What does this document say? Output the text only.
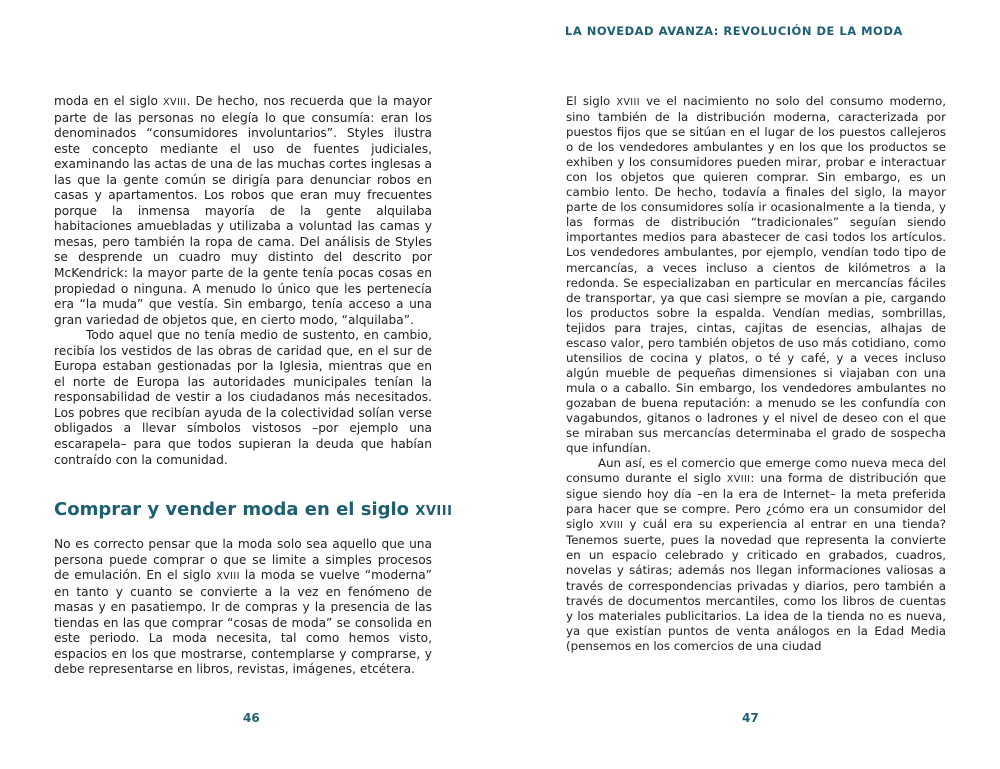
moda en el siglo XVIII. De hecho, nos recuerda que la mayor parte de las personas no elegía lo que consumía: eran los denominados “consumidores involuntarios”. Styles ilustra este concepto mediante el uso de fuentes judiciales, examinando las actas de una de las muchas cortes inglesas a las que la gente común se dirigía para denunciar robos en casas y apartamentos. Los robos que eran muy frecuentes porque la inmensa mayoría de la gente alquilaba habitaciones amuebladas y utilizaba a voluntad las camas y mesas, pero también la ropa de cama. Del análisis de Styles se desprende un cuadro muy distinto del descrito por McKendrick: la mayor parte de la gente tenía pocas cosas en propiedad o ninguna. A menudo lo único que les pertenecía era “la muda” que vestía. Sin embargo, tenía acceso a una gran variedad de objetos que, en cierto modo, “alquilaba”.

Todo aquel que no tenía medio de sustento, en cambio, recibía los vestidos de las obras de caridad que, en el sur de Europa estaban gestionadas por la Iglesia, mientras que en el norte de Europa las autoridades municipales tenían la responsabilidad de vestir a los ciudadanos más necesitados. Los pobres que recibían ayuda de la colectividad solían verse obligados a llevar símbolos vistosos –por ejemplo una escarapela– para que todos supieran la deuda que habían contraído con la comunidad.

Comprar y vender moda en el siglo XVIII

No es correcto pensar que la moda solo sea aquello que una persona puede comprar o que se limite a simples procesos de emulación. En el siglo XVIII la moda se vuelve “moderna” en tanto y cuanto se convierte a la vez en fenómeno de masas y en pasatiempo. Ir de compras y la presencia de las tiendas en las que comprar “cosas de moda” se consolida en este periodo. La moda necesita, tal como hemos visto, espacios en los que mostrarse, contemplarse y comprarse, y debe representarse en libros, revistas, imágenes, etcétera.

46
LA NOVEDAD AVANZA: REVOLUCIÓN DE LA MODA

El siglo XVIII ve el nacimiento no solo del consumo moderno, sino también de la distribución moderna, caracterizada por puestos fijos que se sitúan en el lugar de los puestos callejeros o de los vendedores ambulantes y en los que los productos se exhiben y los consumidores pueden mirar, probar e interactuar con los objetos que quieren comprar. Sin embargo, es un cambio lento. De hecho, todavía a finales del siglo, la mayor parte de los consumidores solía ir ocasionalmente a la tienda, y las formas de distribución “tradicionales” seguían siendo importantes medios para abastecer de casi todos los artículos. Los vendedores ambulantes, por ejemplo, vendían todo tipo de mercancías, a veces incluso a cientos de kilómetros a la redonda. Se especializaban en particular en mercancías fáciles de transportar, ya que casi siempre se movían a pie, cargando los productos sobre la espalda. Vendían medias, sombrillas, tejidos para trajes, cintas, cajitas de esencias, alhajas de escaso valor, pero también objetos de uso más cotidiano, como utensilios de cocina y platos, o té y café, y a veces incluso algún mueble de pequeñas dimensiones si viajaban con una mula o a caballo. Sin embargo, los vendedores ambulantes no gozaban de buena reputación: a menudo se les confundía con vagabundos, gitanos o ladrones y el nivel de deseo con el que se miraban sus mercancías determinaba el grado de sospecha que infundían.

Aun así, es el comercio que emerge como nueva meca del consumo durante el siglo XVIII: una forma de distribución que sigue siendo hoy día –en la era de Internet– la meta preferida para hacer que se compre. Pero ¿cómo era un consumidor del siglo XVIII y cuál era su experiencia al entrar en una tienda? Tenemos suerte, pues la novedad que representa la convierte en un espacio celebrado y criticado en grabados, cuadros, novelas y sátiras; además nos llegan informaciones valiosas a través de correspondencias privadas y diarios, pero también a través de documentos mercantiles, como los libros de cuentas y los materiales publicitarios. La idea de la tienda no es nueva, ya que existían puntos de venta análogos en la Edad Media (pensemos en los comercios de una ciudad

47
